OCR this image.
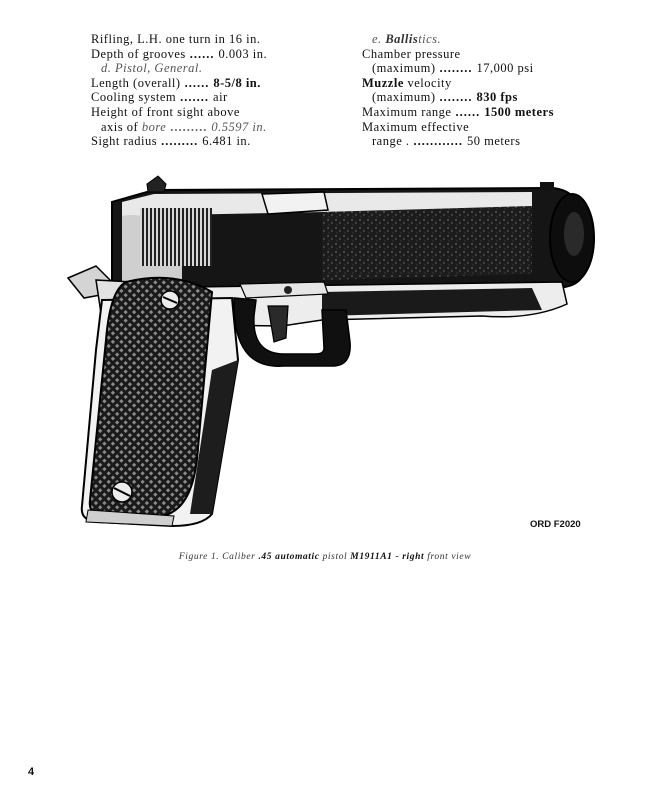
Rifling, L.H. one turn in 16 in.
Depth of grooves ...... 0.003 in.
d. Pistol, General.
Length (overall) ...... 8-5/8 in.
Cooling system ....... air
Height of front sight above
axis of
bore ......... 0.5597 in.
Sight radius ......... 6.481 in.
e.
Ballis tics.
Chamber pressure
(maximum) ........ 17,000 psi
Muzzle
velocity
(maximum) ........ 830 fps
Maximum range ...... 1500 meters
Maximum effective
range . ............ 50 meters
ORD F2020
Figure 1. Caliber .45 automatic pistol M1911A1 - right front view
4
